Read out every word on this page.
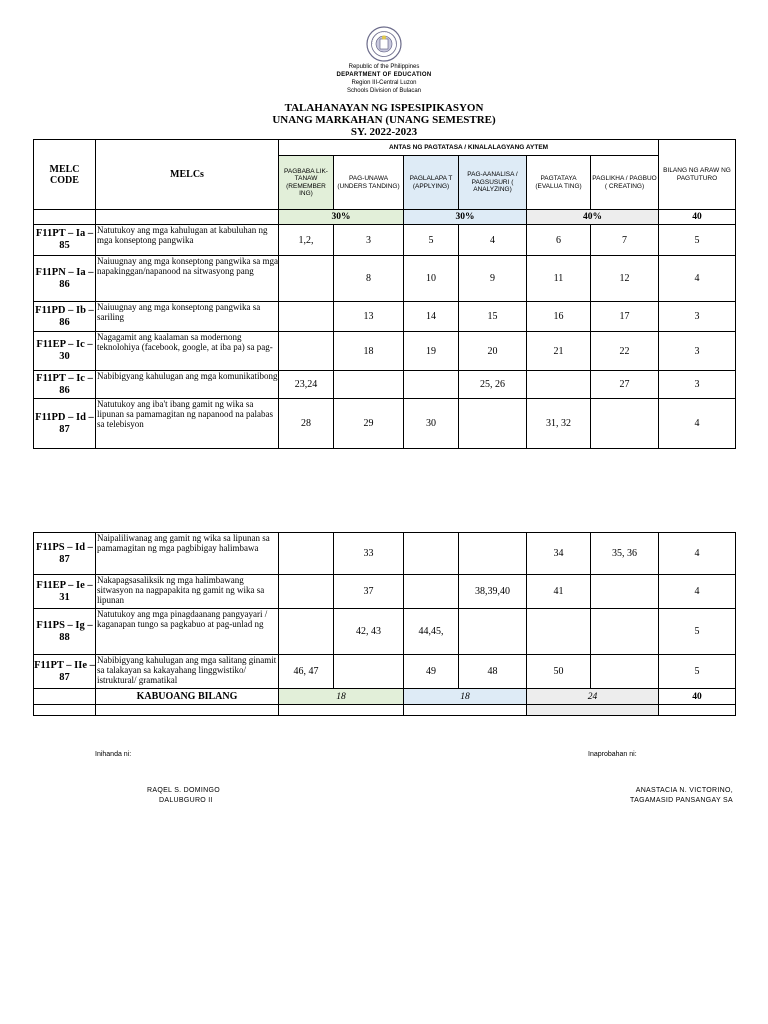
Republic of the Philippines
DEPARTMENT OF EDUCATION
Region III-Central Luzon
Schools Division of Bulacan
TALAHANAYAN NG ISPESIPIKASYON
UNANG MARKAHAN (UNANG SEMESTRE)
SY. 2022-2023
MELC CODE	MELCs	ANTAS NG PAGTATASA / KINALALAGYANG AYTEM						BILANG NG ARAW NG PAGTUTURO
		PAGBABA LIK-TANAW (REMEMBER ING)	PAG-UNAWA (UNDERS TANDING)	PAGLALAPA T (APPLYING)	PAG-AANALISA / PAGSUSURI ( ANALYZING)	PAGTATAYA (EVALUA TING)	PAGLIKHA / PAGBUO ( CREATING)	
		30%		30%		40%		40
F11PT – Ia – 85	Natutukoy ang mga kahulugan at kabuluhan ng mga konseptong pangwika	1,2,	3	5	4	6	7	5
F11PN – Ia – 86	Naiuugnay ang mga konseptong pangwika sa mga napakinggan/napanood na sitwasyong pang		8	10	9	11	12	4
F11PD – Ib – 86	Naiuugnay ang mga konseptong pangwika sa sariling		13	14	15	16	17	3
F11EP – Ic – 30	Nagagamit ang kaalaman sa modernong teknolohiya (facebook, google, at iba pa) sa pag-		18	19	20	21	22	3
F11PT – Ic – 86	Nabibigyang kahulugan ang mga komunikatibong	23,24			25, 26		27	3
F11PD – Id – 87	Natutukoy ang iba't ibang gamit ng wika sa lipunan sa pamamagitan ng napanood na palabas sa telebisyon	28	29	30		31, 32		4
F11PS – Id – 87	Naipaliliwanag ang gamit ng wika sa lipunan sa pamamagitan ng mga pagbibigay halimbawa		33			34	35, 36	4
F11EP – Ie – 31	Nakapagsasaliksik ng mga halimbawang sitwasyon na nagpapakita ng gamit ng wika sa lipunan		37		38,39,40	41		4
F11PS – Ig – 88	Natutukoy ang mga pinagdaanang pangyayari / kaganapan tungo sa pagkabuo at pag-unlad ng		42, 43	44,45,				5
F11PT – IIe – 87	Nabibigyang kahulugan ang mga salitang ginamit sa talakayan sa kakayahang linggwistiko/ istruktural/ gramatikal	46, 47		49	48	50		5
	KABUOANG BILANG	18		18		24		40

Inihanda ni:	Inaprobahan ni:
RAQEL S. DOMINGO
DALUBGURO II
ANASTACIA N. VICTORINO,
TAGAMASID PANSANGAY SA
